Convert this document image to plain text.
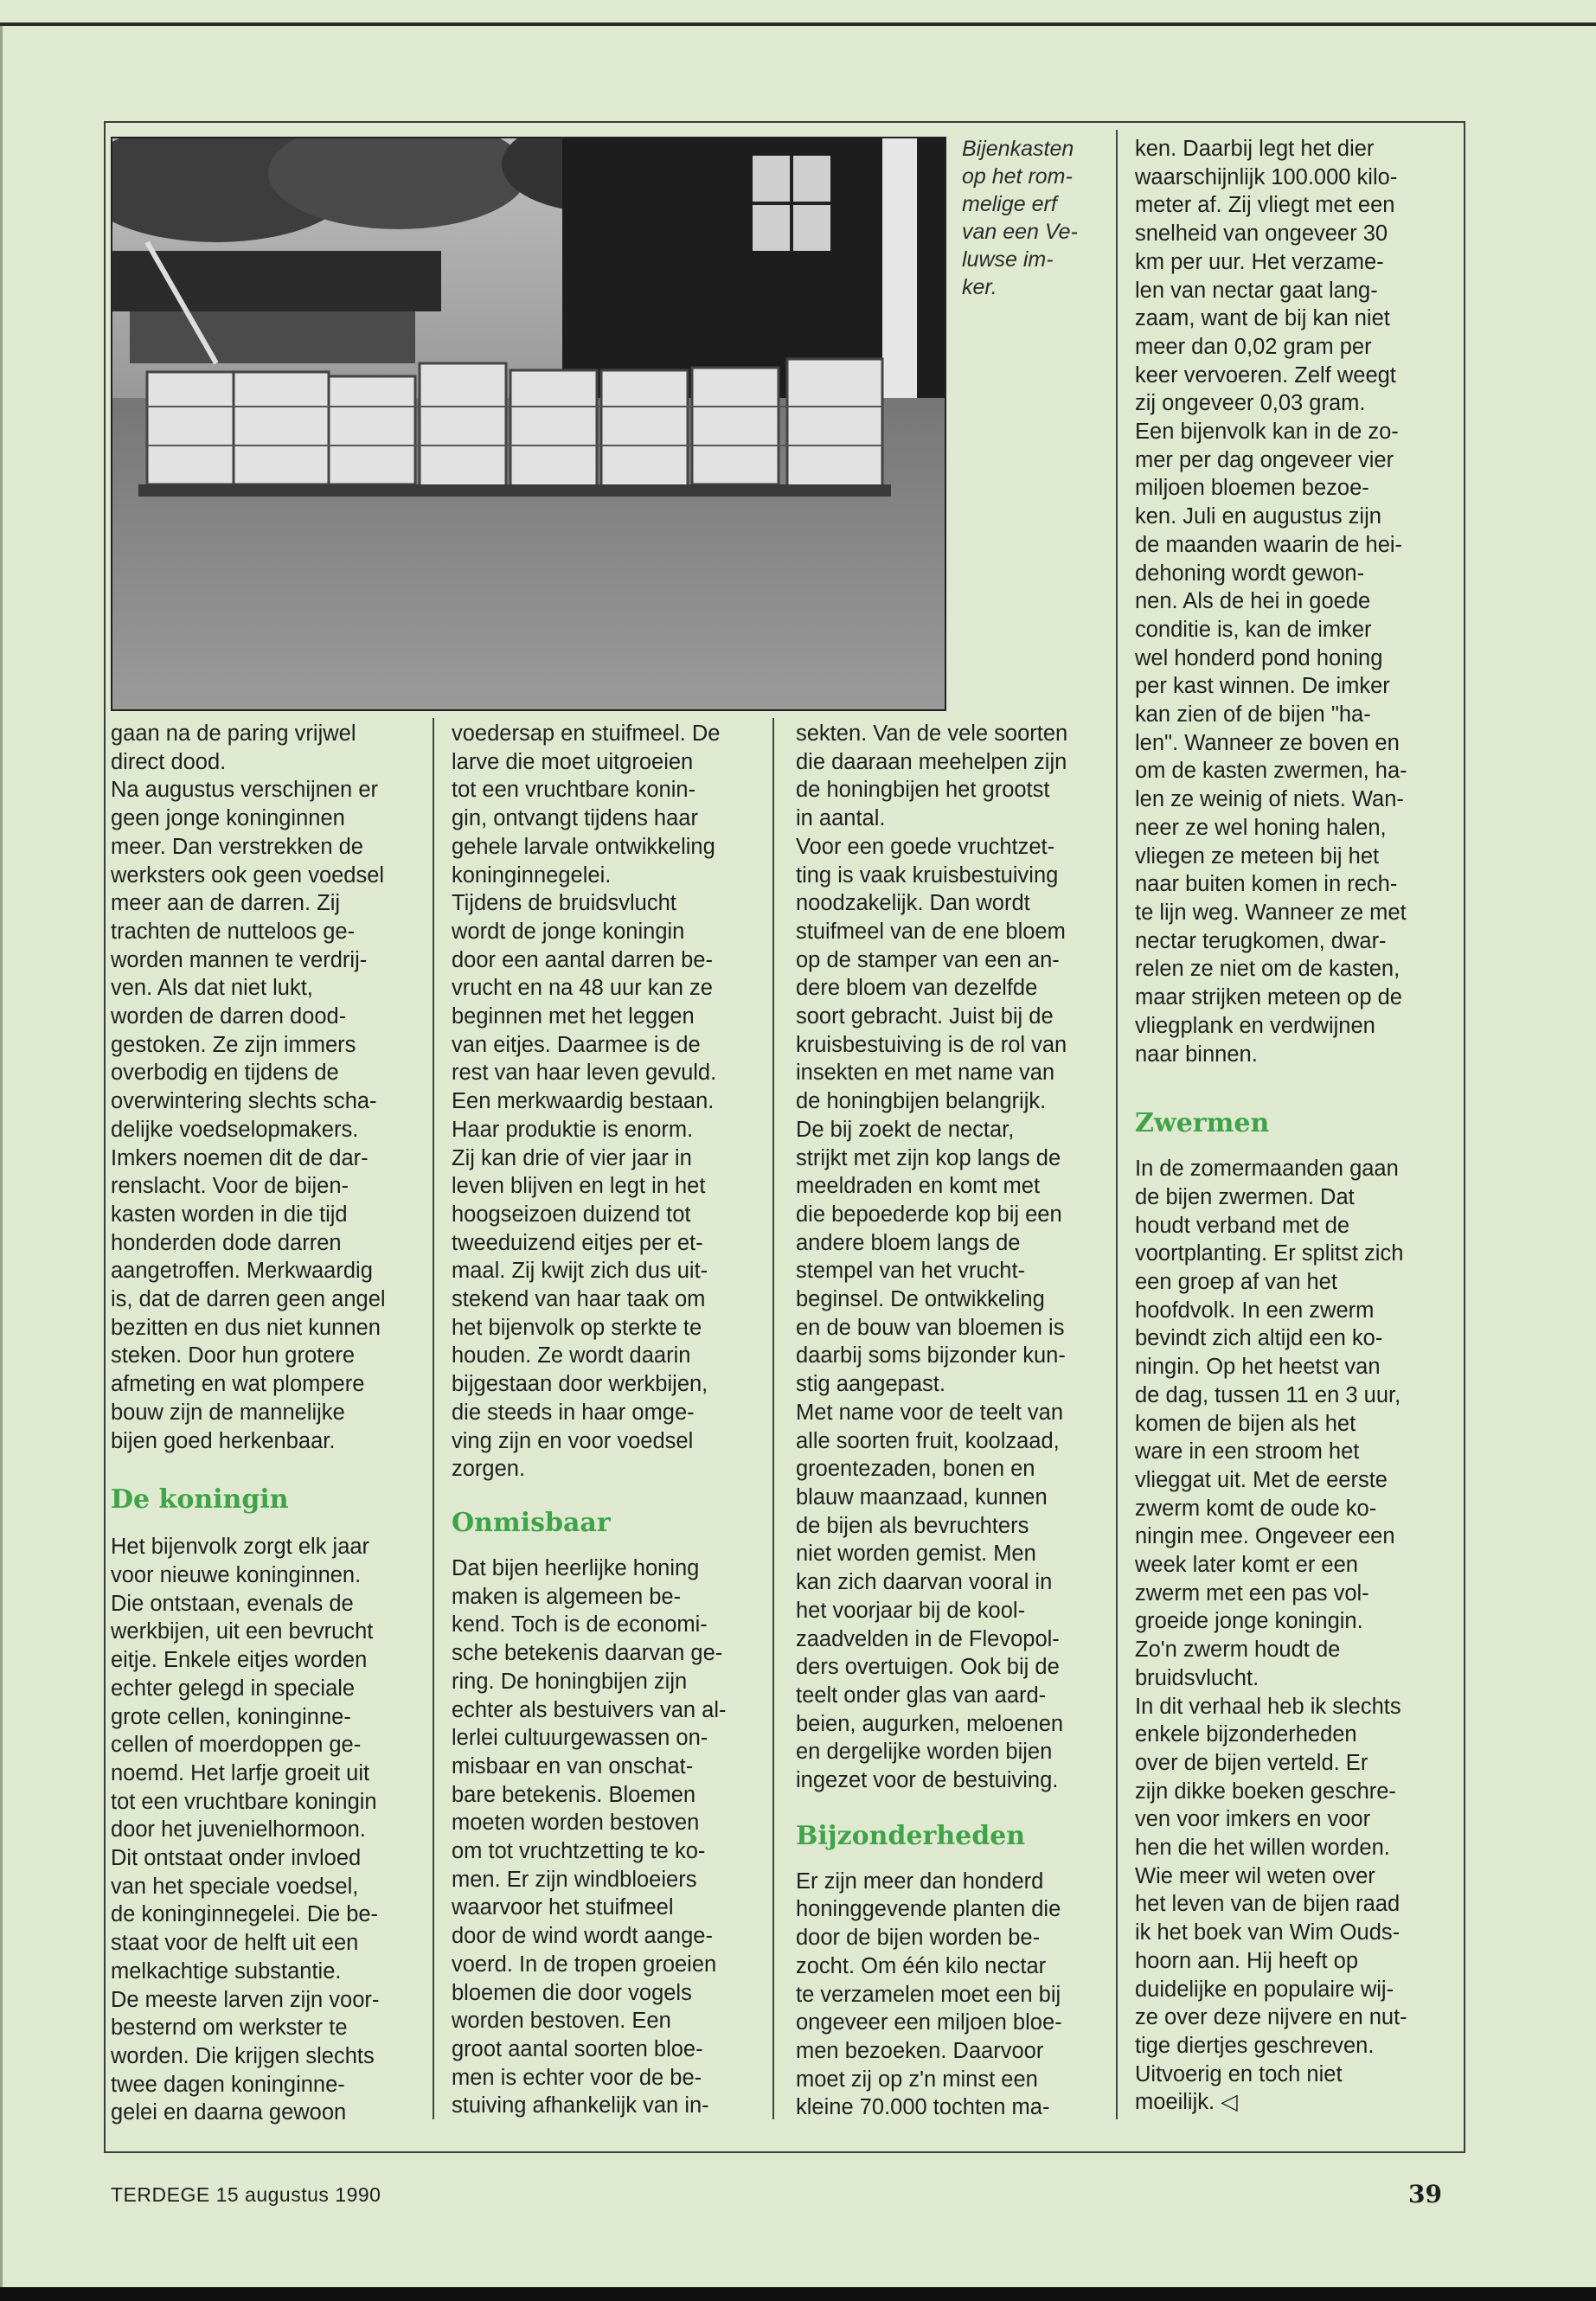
Bijenkasten
op het rom-
melige erf
van een Ve-
luwse im-
ker.

gaan na de paring vrijwel
direct dood.
Na augustus verschijnen er
geen jonge koninginnen
meer. Dan verstrekken de
werksters ook geen voedsel
meer aan de darren. Zij
trachten de nutteloos ge-
worden mannen te verdrij-
ven. Als dat niet lukt,
worden de darren dood-
gestoken. Ze zijn immers
overbodig en tijdens de
overwintering slechts scha-
delijke voedselopmakers.
Imkers noemen dit de dar-
renslacht. Voor de bijen-
kasten worden in die tijd
honderden dode darren
aangetroffen. Merkwaardig
is, dat de darren geen angel
bezitten en dus niet kunnen
steken. Door hun grotere
afmeting en wat plompere
bouw zijn de mannelijke
bijen goed herkenbaar.

De koningin

Het bijenvolk zorgt elk jaar
voor nieuwe koninginnen.
Die ontstaan, evenals de
werkbijen, uit een bevrucht
eitje. Enkele eitjes worden
echter gelegd in speciale
grote cellen, koninginne-
cellen of moerdoppen ge-
noemd. Het larfje groeit uit
tot een vruchtbare koningin
door het juvenielhormoon.
Dit ontstaat onder invloed
van het speciale voedsel,
de koninginnegelei. Die be-
staat voor de helft uit een
melkachtige substantie.
De meeste larven zijn voor-
besternd om werkster te
worden. Die krijgen slechts
twee dagen koninginne-
gelei en daarna gewoon

voedersap en stuifmeel. De
larve die moet uitgroeien
tot een vruchtbare konin-
gin, ontvangt tijdens haar
gehele larvale ontwikkeling
koninginnegelei.
Tijdens de bruidsvlucht
wordt de jonge koningin
door een aantal darren be-
vrucht en na 48 uur kan ze
beginnen met het leggen
van eitjes. Daarmee is de
rest van haar leven gevuld.
Een merkwaardig bestaan.
Haar produktie is enorm.
Zij kan drie of vier jaar in
leven blijven en legt in het
hoogseizoen duizend tot
tweeduizend eitjes per et-
maal. Zij kwijt zich dus uit-
stekend van haar taak om
het bijenvolk op sterkte te
houden. Ze wordt daarin
bijgestaan door werkbijen,
die steeds in haar omge-
ving zijn en voor voedsel
zorgen.

Onmisbaar

Dat bijen heerlijke honing
maken is algemeen be-
kend. Toch is de economi-
sche betekenis daarvan ge-
ring. De honingbijen zijn
echter als bestuivers van al-
lerlei cultuurgewassen on-
misbaar en van onschat-
bare betekenis. Bloemen
moeten worden bestoven
om tot vruchtzetting te ko-
men. Er zijn windbloeiers
waarvoor het stuifmeel
door de wind wordt aange-
voerd. In de tropen groeien
bloemen die door vogels
worden bestoven. Een
groot aantal soorten bloe-
men is echter voor de be-
stuiving afhankelijk van in-

sekten. Van de vele soorten
die daaraan meehelpen zijn
de honingbijen het grootst
in aantal.
Voor een goede vruchtzet-
ting is vaak kruisbestuiving
noodzakelijk. Dan wordt
stuifmeel van de ene bloem
op de stamper van een an-
dere bloem van dezelfde
soort gebracht. Juist bij de
kruisbestuiving is de rol van
insekten en met name van
de honingbijen belangrijk.
De bij zoekt de nectar,
strijkt met zijn kop langs de
meeldraden en komt met
die bepoederde kop bij een
andere bloem langs de
stempel van het vrucht-
beginsel. De ontwikkeling
en de bouw van bloemen is
daarbij soms bijzonder kun-
stig aangepast.
Met name voor de teelt van
alle soorten fruit, koolzaad,
groentezaden, bonen en
blauw maanzaad, kunnen
de bijen als bevruchters
niet worden gemist. Men
kan zich daarvan vooral in
het voorjaar bij de kool-
zaadvelden in de Flevopol-
ders overtuigen. Ook bij de
teelt onder glas van aard-
beien, augurken, meloenen
en dergelijke worden bijen
ingezet voor de bestuiving.

Bijzonderheden

Er zijn meer dan honderd
honinggevende planten die
door de bijen worden be-
zocht. Om één kilo nectar
te verzamelen moet een bij
ongeveer een miljoen bloe-
men bezoeken. Daarvoor
moet zij op z'n minst een
kleine 70.000 tochten ma-

ken. Daarbij legt het dier
waarschijnlijk 100.000 kilo-
meter af. Zij vliegt met een
snelheid van ongeveer 30
km per uur. Het verzame-
len van nectar gaat lang-
zaam, want de bij kan niet
meer dan 0,02 gram per
keer vervoeren. Zelf weegt
zij ongeveer 0,03 gram.
Een bijenvolk kan in de zo-
mer per dag ongeveer vier
miljoen bloemen bezoe-
ken. Juli en augustus zijn
de maanden waarin de hei-
dehoning wordt gewon-
nen. Als de hei in goede
conditie is, kan de imker
wel honderd pond honing
per kast winnen. De imker
kan zien of de bijen "ha-
len". Wanneer ze boven en
om de kasten zwermen, ha-
len ze weinig of niets. Wan-
neer ze wel honing halen,
vliegen ze meteen bij het
naar buiten komen in rech-
te lijn weg. Wanneer ze met
nectar terugkomen, dwar-
relen ze niet om de kasten,
maar strijken meteen op de
vliegplank en verdwijnen
naar binnen.

Zwermen

In de zomermaanden gaan
de bijen zwermen. Dat
houdt verband met de
voortplanting. Er splitst zich
een groep af van het
hoofdvolk. In een zwerm
bevindt zich altijd een ko-
ningin. Op het heetst van
de dag, tussen 11 en 3 uur,
komen de bijen als het
ware in een stroom het
vlieggat uit. Met de eerste
zwerm komt de oude ko-
ningin mee. Ongeveer een
week later komt er een
zwerm met een pas vol-
groeide jonge koningin.
Zo'n zwerm houdt de
bruidsvlucht.
In dit verhaal heb ik slechts
enkele bijzonderheden
over de bijen verteld. Er
zijn dikke boeken geschre-
ven voor imkers en voor
hen die het willen worden.
Wie meer wil weten over
het leven van de bijen raad
ik het boek van Wim Ouds-
hoorn aan. Hij heeft op
duidelijke en populaire wij-
ze over deze nijvere en nut-
tige diertjes geschreven.
Uitvoerig en toch niet
moeilijk. ◁

TERDEGE 15 augustus 1990	39
